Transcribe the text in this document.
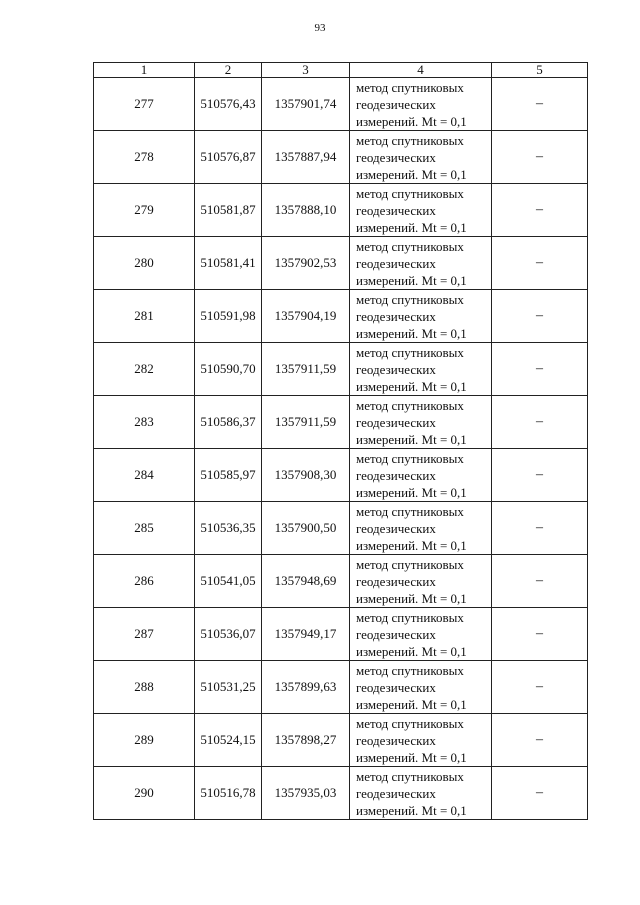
93
1	2	3	4	5
277	510576,43	1357901,74	метод спутниковых
геодезических
измерений. Mt = 0,1	–
278	510576,87	1357887,94	метод спутниковых
геодезических
измерений. Mt = 0,1	–
279	510581,87	1357888,10	метод спутниковых
геодезических
измерений. Mt = 0,1	–
280	510581,41	1357902,53	метод спутниковых
геодезических
измерений. Mt = 0,1	–
281	510591,98	1357904,19	метод спутниковых
геодезических
измерений. Mt = 0,1	–
282	510590,70	1357911,59	метод спутниковых
геодезических
измерений. Mt = 0,1	–
283	510586,37	1357911,59	метод спутниковых
геодезических
измерений. Mt = 0,1	–
284	510585,97	1357908,30	метод спутниковых
геодезических
измерений. Mt = 0,1	–
285	510536,35	1357900,50	метод спутниковых
геодезических
измерений. Mt = 0,1	–
286	510541,05	1357948,69	метод спутниковых
геодезических
измерений. Mt = 0,1	–
287	510536,07	1357949,17	метод спутниковых
геодезических
измерений. Mt = 0,1	–
288	510531,25	1357899,63	метод спутниковых
геодезических
измерений. Mt = 0,1	–
289	510524,15	1357898,27	метод спутниковых
геодезических
измерений. Mt = 0,1	–
290	510516,78	1357935,03	метод спутниковых
геодезических
измерений. Mt = 0,1	–
